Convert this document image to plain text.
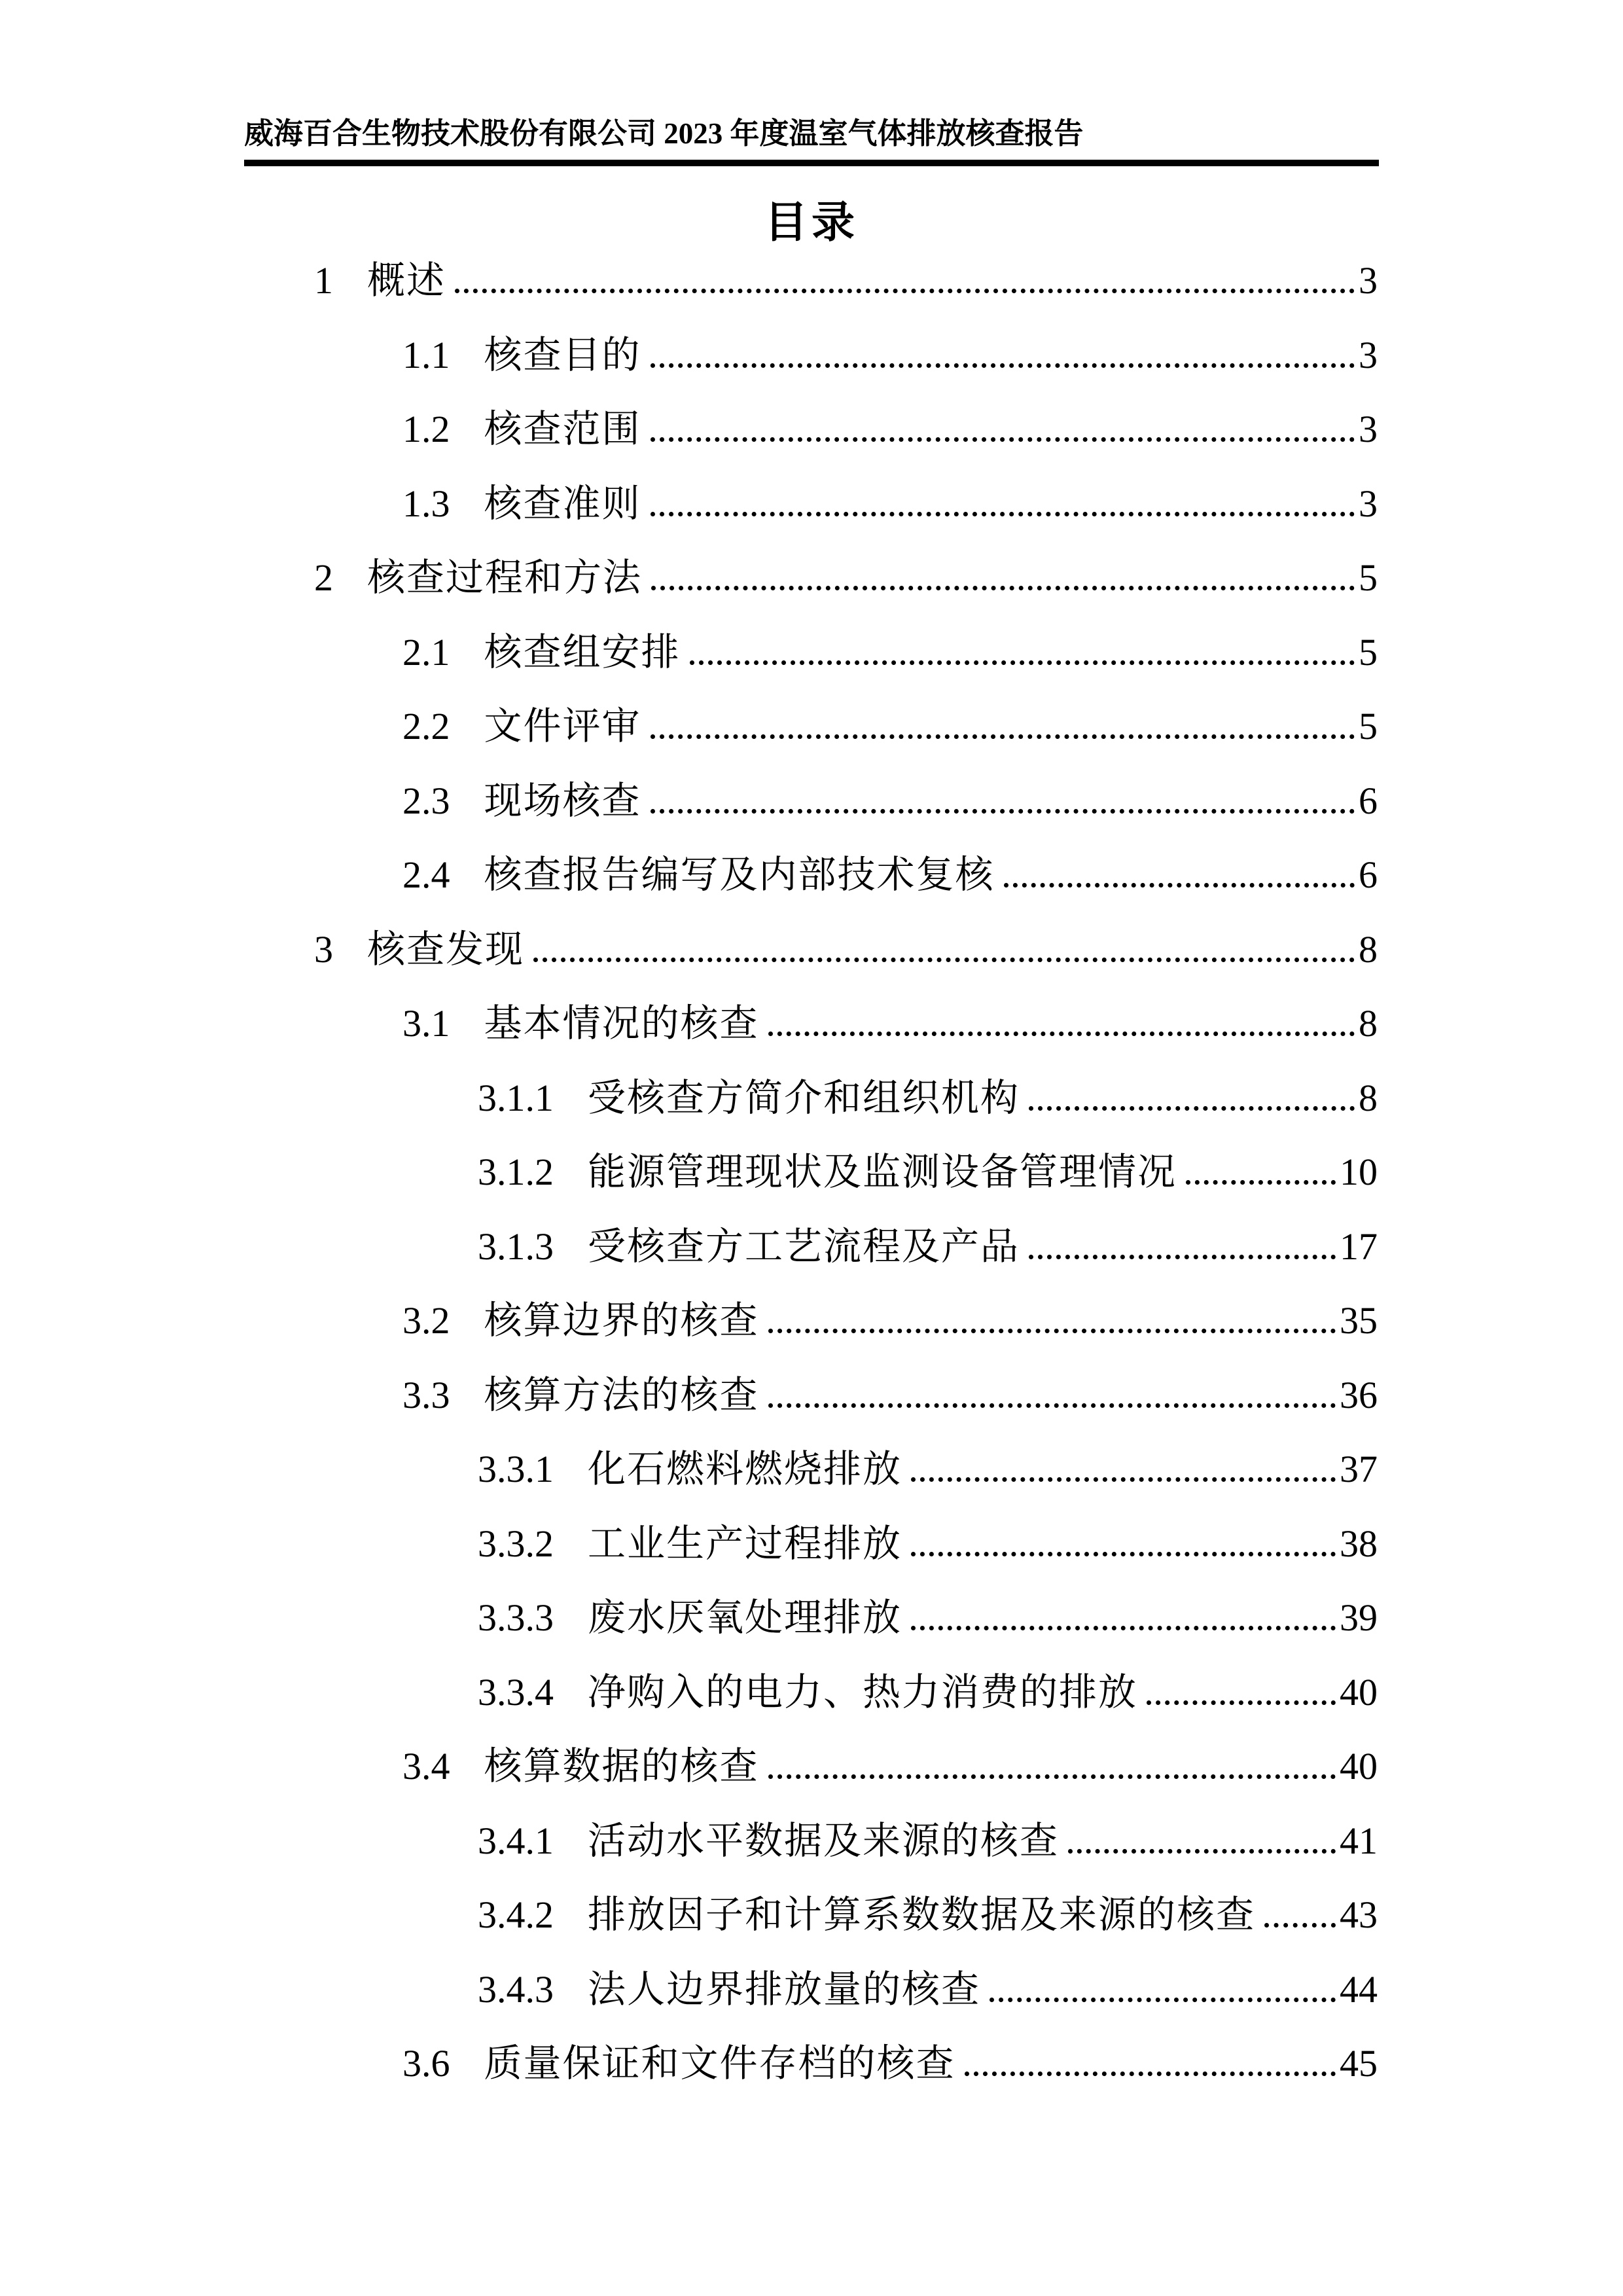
威海百合生物技术股份有限公司 2023 年度温室气体排放核查报告
目录
1 概述	3
1.1 核查目的	3
1.2 核查范围	3
1.3 核查准则	3
2 核查过程和方法	5
2.1 核查组安排	5
2.2 文件评审	5
2.3 现场核查	6
2.4 核查报告编写及内部技术复核	6
3 核查发现	8
3.1 基本情况的核查	8
3.1.1 受核查方简介和组织机构	8
3.1.2 能源管理现状及监测设备管理情况	10
3.1.3 受核查方工艺流程及产品	17
3.2 核算边界的核查	35
3.3 核算方法的核查	36
3.3.1 化石燃料燃烧排放	37
3.3.2 工业生产过程排放	38
3.3.3 废水厌氧处理排放	39
3.3.4 净购入的电力、热力消费的排放	40
3.4 核算数据的核查	40
3.4.1 活动水平数据及来源的核查	41
3.4.2 排放因子和计算系数数据及来源的核查 43
3.4.3 法人边界排放量的核查	44
3.6 质量保证和文件存档的核查	45
